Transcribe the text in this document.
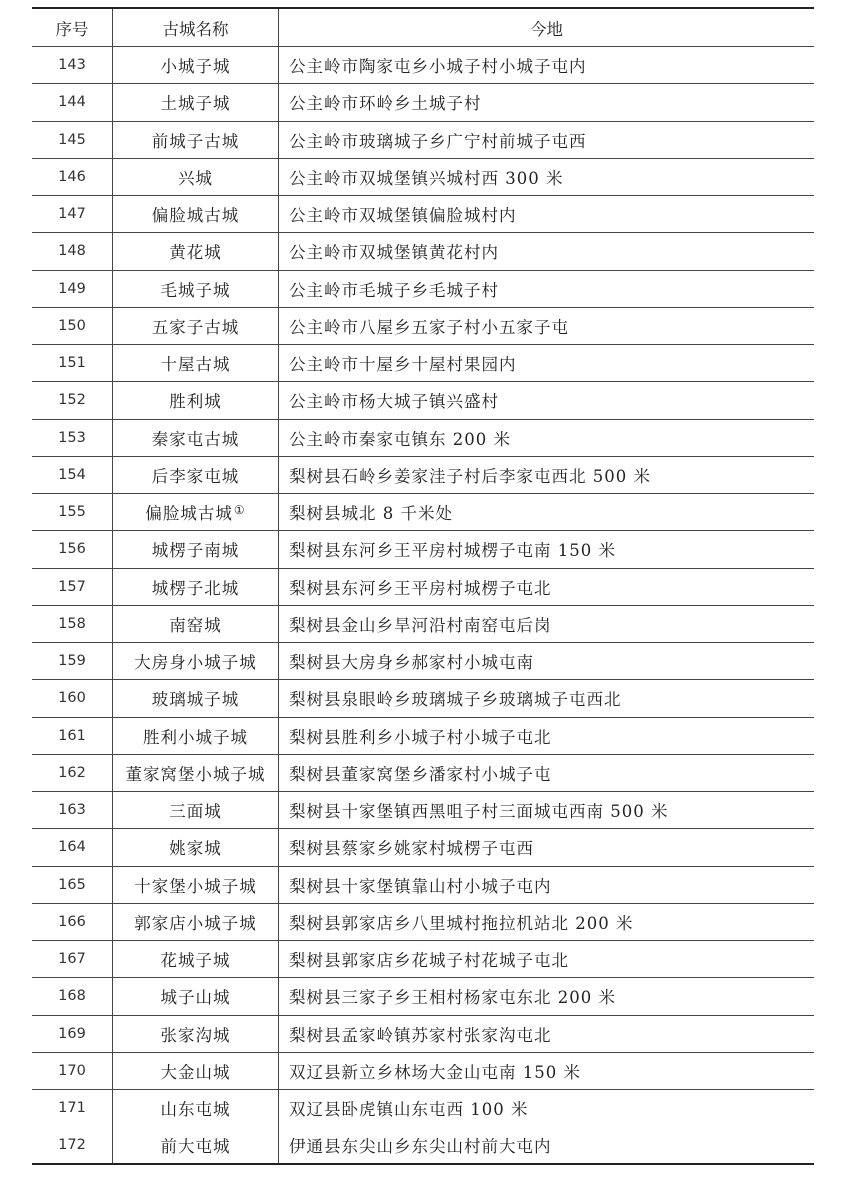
序号	古城名称	今地
143	小城子城	公主岭市陶家屯乡小城子村小城子屯内
144	土城子城	公主岭市环岭乡土城子村
145	前城子古城	公主岭市玻璃城子乡广宁村前城子屯西
146	兴城	公主岭市双城堡镇兴城村西 300 米
147	偏脸城古城	公主岭市双城堡镇偏脸城村内
148	黄花城	公主岭市双城堡镇黄花村内
149	毛城子城	公主岭市毛城子乡毛城子村
150	五家子古城	公主岭市八屋乡五家子村小五家子屯
151	十屋古城	公主岭市十屋乡十屋村果园内
152	胜利城	公主岭市杨大城子镇兴盛村
153	秦家屯古城	公主岭市秦家屯镇东 200 米
154	后李家屯城	梨树县石岭乡姜家洼子村后李家屯西北 500 米
155	偏脸城古城①	梨树县城北 8 千米处
156	城楞子南城	梨树县东河乡王平房村城楞子屯南 150 米
157	城楞子北城	梨树县东河乡王平房村城楞子屯北
158	南窑城	梨树县金山乡旱河沿村南窑屯后岗
159	大房身小城子城	梨树县大房身乡郝家村小城屯南
160	玻璃城子城	梨树县泉眼岭乡玻璃城子乡玻璃城子屯西北
161	胜利小城子城	梨树县胜利乡小城子村小城子屯北
162	董家窝堡小城子城	梨树县董家窝堡乡潘家村小城子屯
163	三面城	梨树县十家堡镇西黑咀子村三面城屯西南 500 米
164	姚家城	梨树县蔡家乡姚家村城楞子屯西
165	十家堡小城子城	梨树县十家堡镇靠山村小城子屯内
166	郭家店小城子城	梨树县郭家店乡八里城村拖拉机站北 200 米
167	花城子城	梨树县郭家店乡花城子村花城子屯北
168	城子山城	梨树县三家子乡王相村杨家屯东北 200 米
169	张家沟城	梨树县孟家岭镇苏家村张家沟屯北
170	大金山城	双辽县新立乡林场大金山屯南 150 米
171	山东屯城	双辽县卧虎镇山东屯西 100 米
172	前大屯城	伊通县东尖山乡东尖山村前大屯内
